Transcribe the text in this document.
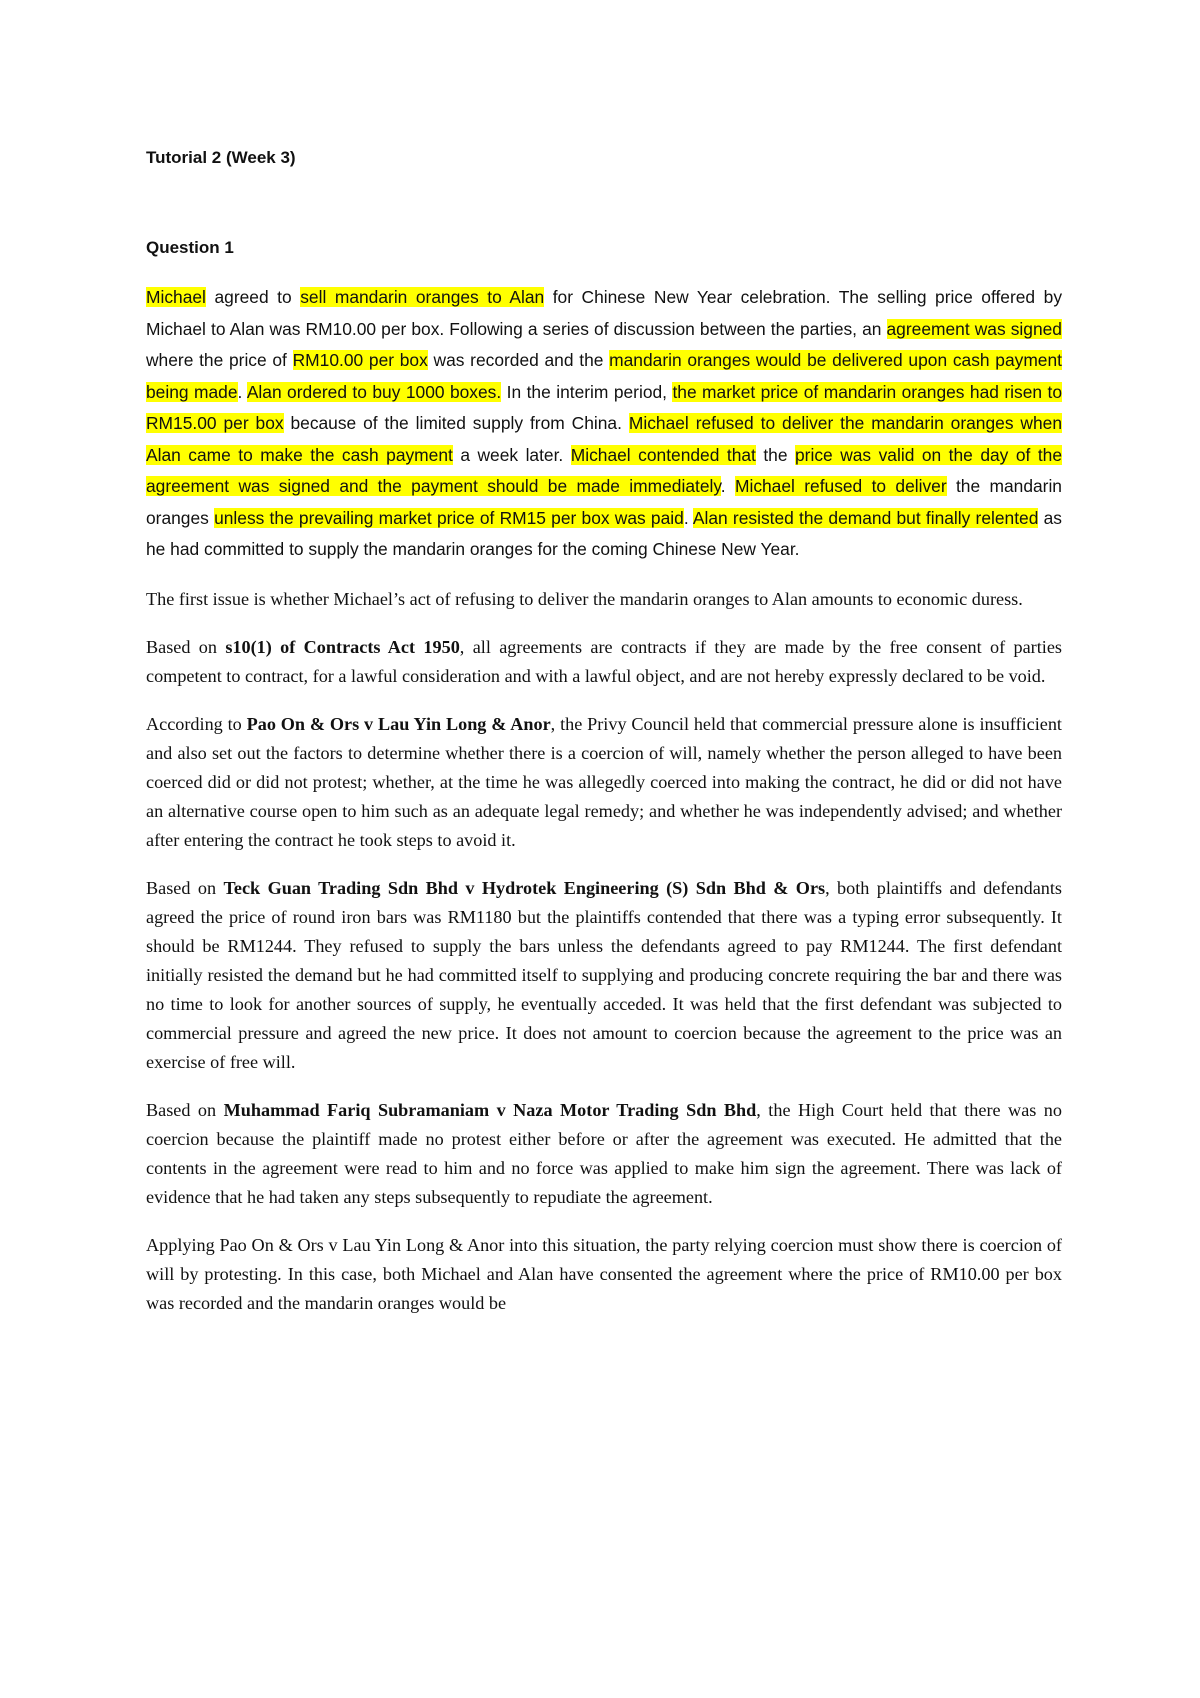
Tutorial 2 (Week 3)

Question 1

Michael agreed to sell mandarin oranges to Alan for Chinese New Year celebration. The selling price offered by Michael to Alan was RM10.00 per box. Following a series of discussion between the parties, an agreement was signed where the price of RM10.00 per box was recorded and the mandarin oranges would be delivered upon cash payment being made. Alan ordered to buy 1000 boxes. In the interim period, the market price of mandarin oranges had risen to RM15.00 per box because of the limited supply from China. Michael refused to deliver the mandarin oranges when Alan came to make the cash payment a week later. Michael contended that the price was valid on the day of the agreement was signed and the payment should be made immediately. Michael refused to deliver the mandarin oranges unless the prevailing market price of RM15 per box was paid. Alan resisted the demand but finally relented as he had committed to supply the mandarin oranges for the coming Chinese New Year.

The first issue is whether Michael’s act of refusing to deliver the mandarin oranges to Alan amounts to economic duress.

Based on s10(1) of Contracts Act 1950, all agreements are contracts if they are made by the free consent of parties competent to contract, for a lawful consideration and with a lawful object, and are not hereby expressly declared to be void.

According to Pao On & Ors v Lau Yin Long & Anor, the Privy Council held that commercial pressure alone is insufficient and also set out the factors to determine whether there is a coercion of will, namely whether the person alleged to have been coerced did or did not protest; whether, at the time he was allegedly coerced into making the contract, he did or did not have an alternative course open to him such as an adequate legal remedy; and whether he was independently advised; and whether after entering the contract he took steps to avoid it.

Based on Teck Guan Trading Sdn Bhd v Hydrotek Engineering (S) Sdn Bhd & Ors, both plaintiffs and defendants agreed the price of round iron bars was RM1180 but the plaintiffs contended that there was a typing error subsequently. It should be RM1244. They refused to supply the bars unless the defendants agreed to pay RM1244. The first defendant initially resisted the demand but he had committed itself to supplying and producing concrete requiring the bar and there was no time to look for another sources of supply, he eventually acceded. It was held that the first defendant was subjected to commercial pressure and agreed the new price. It does not amount to coercion because the agreement to the price was an exercise of free will.

Based on Muhammad Fariq Subramaniam v Naza Motor Trading Sdn Bhd, the High Court held that there was no coercion because the plaintiff made no protest either before or after the agreement was executed. He admitted that the contents in the agreement were read to him and no force was applied to make him sign the agreement. There was lack of evidence that he had taken any steps subsequently to repudiate the agreement.

Applying Pao On & Ors v Lau Yin Long & Anor into this situation, the party relying coercion must show there is coercion of will by protesting. In this case, both Michael and Alan have consented the agreement where the price of RM10.00 per box was recorded and the mandarin oranges would be
